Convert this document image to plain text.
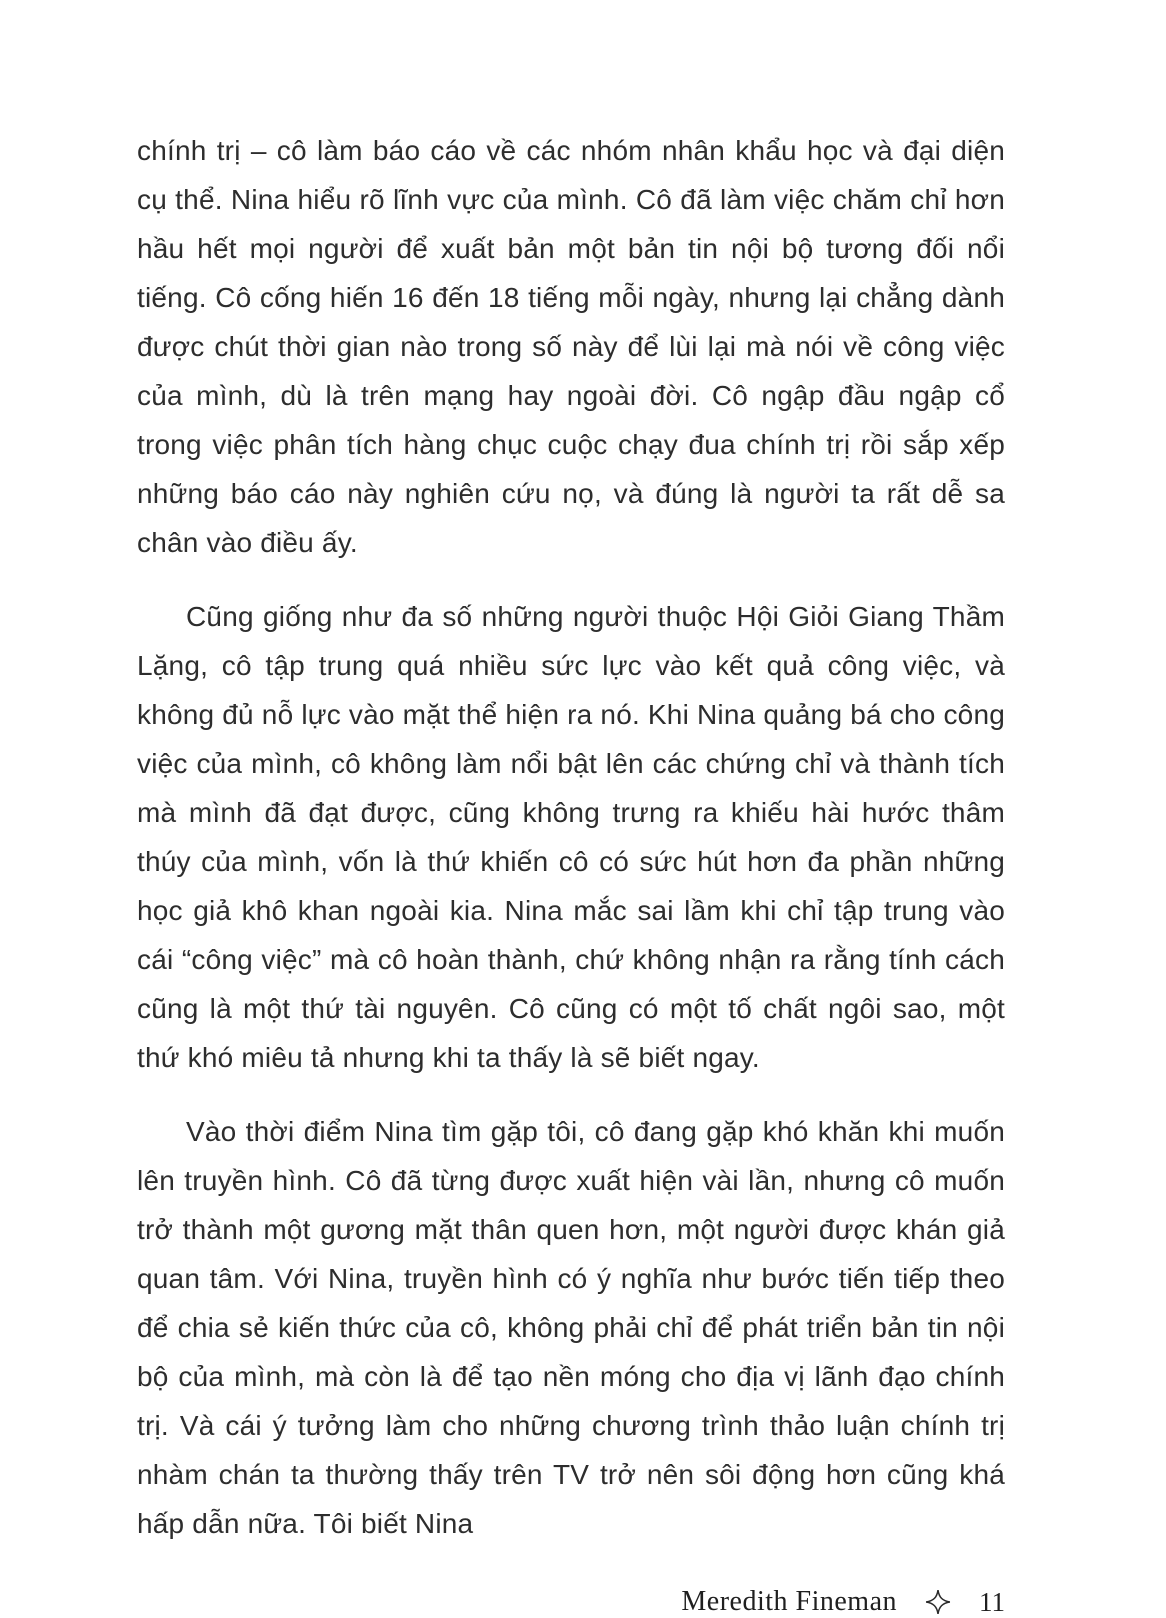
chính trị – cô làm báo cáo về các nhóm nhân khẩu học và đại diện cụ thể. Nina hiểu rõ lĩnh vực của mình. Cô đã làm việc chăm chỉ hơn hầu hết mọi người để xuất bản một bản tin nội bộ tương đối nổi tiếng. Cô cống hiến 16 đến 18 tiếng mỗi ngày, nhưng lại chẳng dành được chút thời gian nào trong số này để lùi lại mà nói về công việc của mình, dù là trên mạng hay ngoài đời. Cô ngập đầu ngập cổ trong việc phân tích hàng chục cuộc chạy đua chính trị rồi sắp xếp những báo cáo này nghiên cứu nọ, và đúng là người ta rất dễ sa chân vào điều ấy.

Cũng giống như đa số những người thuộc Hội Giỏi Giang Thầm Lặng, cô tập trung quá nhiều sức lực vào kết quả công việc, và không đủ nỗ lực vào mặt thể hiện ra nó. Khi Nina quảng bá cho công việc của mình, cô không làm nổi bật lên các chứng chỉ và thành tích mà mình đã đạt được, cũng không trưng ra khiếu hài hước thâm thúy của mình, vốn là thứ khiến cô có sức hút hơn đa phần những học giả khô khan ngoài kia. Nina mắc sai lầm khi chỉ tập trung vào cái “công việc” mà cô hoàn thành, chứ không nhận ra rằng tính cách cũng là một thứ tài nguyên. Cô cũng có một tố chất ngôi sao, một thứ khó miêu tả nhưng khi ta thấy là sẽ biết ngay.

Vào thời điểm Nina tìm gặp tôi, cô đang gặp khó khăn khi muốn lên truyền hình. Cô đã từng được xuất hiện vài lần, nhưng cô muốn trở thành một gương mặt thân quen hơn, một người được khán giả quan tâm. Với Nina, truyền hình có ý nghĩa như bước tiến tiếp theo để chia sẻ kiến thức của cô, không phải chỉ để phát triển bản tin nội bộ của mình, mà còn là để tạo nền móng cho địa vị lãnh đạo chính trị. Và cái ý tưởng làm cho những chương trình thảo luận chính trị nhàm chán ta thường thấy trên TV trở nên sôi động hơn cũng khá hấp dẫn nữa. Tôi biết Nina

Meredith Fineman	11
